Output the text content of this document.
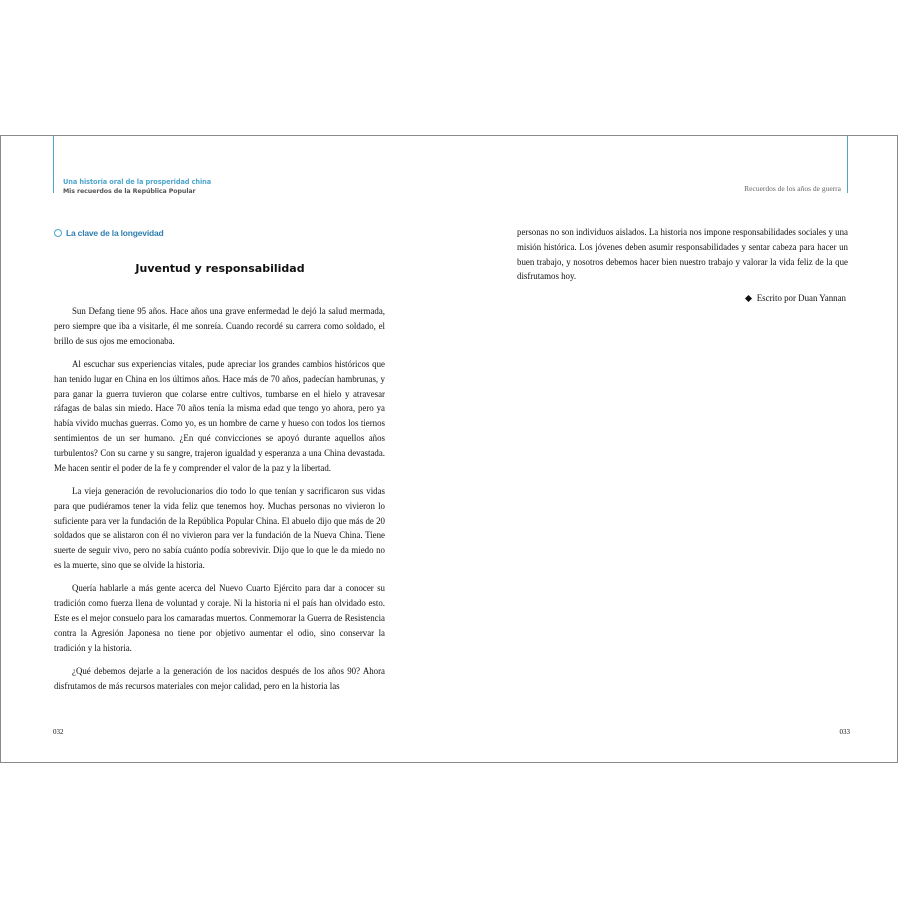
Una historia oral de la prosperidad china
Mis recuerdos de la República Popular	Recuerdos de los años de guerra
La clave de la longevidad
Juventud y responsabilidad

Sun Defang tiene 95 años. Hace años una grave enfermedad le dejó la salud mermada, pero siempre que iba a visitarle, él me sonreía. Cuando recordé su carrera como soldado, el brillo de sus ojos me emocionaba.

Al escuchar sus experiencias vitales, pude apreciar los grandes cambios históricos que han tenido lugar en China en los últimos años. Hace más de 70 años, padecían hambrunas, y para ganar la guerra tuvieron que colarse entre cultivos, tumbarse en el hielo y atravesar ráfagas de balas sin miedo. Hace 70 años tenía la misma edad que tengo yo ahora, pero ya había vivido muchas guerras. Como yo, es un hombre de carne y hueso con todos los tiernos sentimientos de un ser humano. ¿En qué convicciones se apoyó durante aquellos años turbulentos? Con su carne y su sangre, trajeron igualdad y esperanza a una China devastada. Me hacen sentir el poder de la fe y comprender el valor de la paz y la libertad.

La vieja generación de revolucionarios dio todo lo que tenían y sacrificaron sus vidas para que pudiéramos tener la vida feliz que tenemos hoy. Muchas personas no vivieron lo suficiente para ver la fundación de la República Popular China. El abuelo dijo que más de 20 soldados que se alistaron con él no vivieron para ver la fundación de la Nueva China. Tiene suerte de seguir vivo, pero no sabía cuánto podía sobrevivir. Dijo que lo que le da miedo no es la muerte, sino que se olvide la historia.

Quería hablarle a más gente acerca del Nuevo Cuarto Ejército para dar a conocer su tradición como fuerza llena de voluntad y coraje. Ni la historia ni el país han olvidado esto. Este es el mejor consuelo para los camaradas muertos. Conmemorar la Guerra de Resistencia contra la Agresión Japonesa no tiene por objetivo aumentar el odio, sino conservar la tradición y la historia.

¿Qué debemos dejarle a la generación de los nacidos después de los años 90? Ahora disfrutamos de más recursos materiales con mejor calidad, pero en la historia las

personas no son individuos aislados. La historia nos impone responsabilidades sociales y una misión histórica. Los jóvenes deben asumir responsabilidades y sentar cabeza para hacer un buen trabajo, y nosotros debemos hacer bien nuestro trabajo y valorar la vida feliz de la que disfrutamos hoy.

Escrito por Duan Yannan
032	033
